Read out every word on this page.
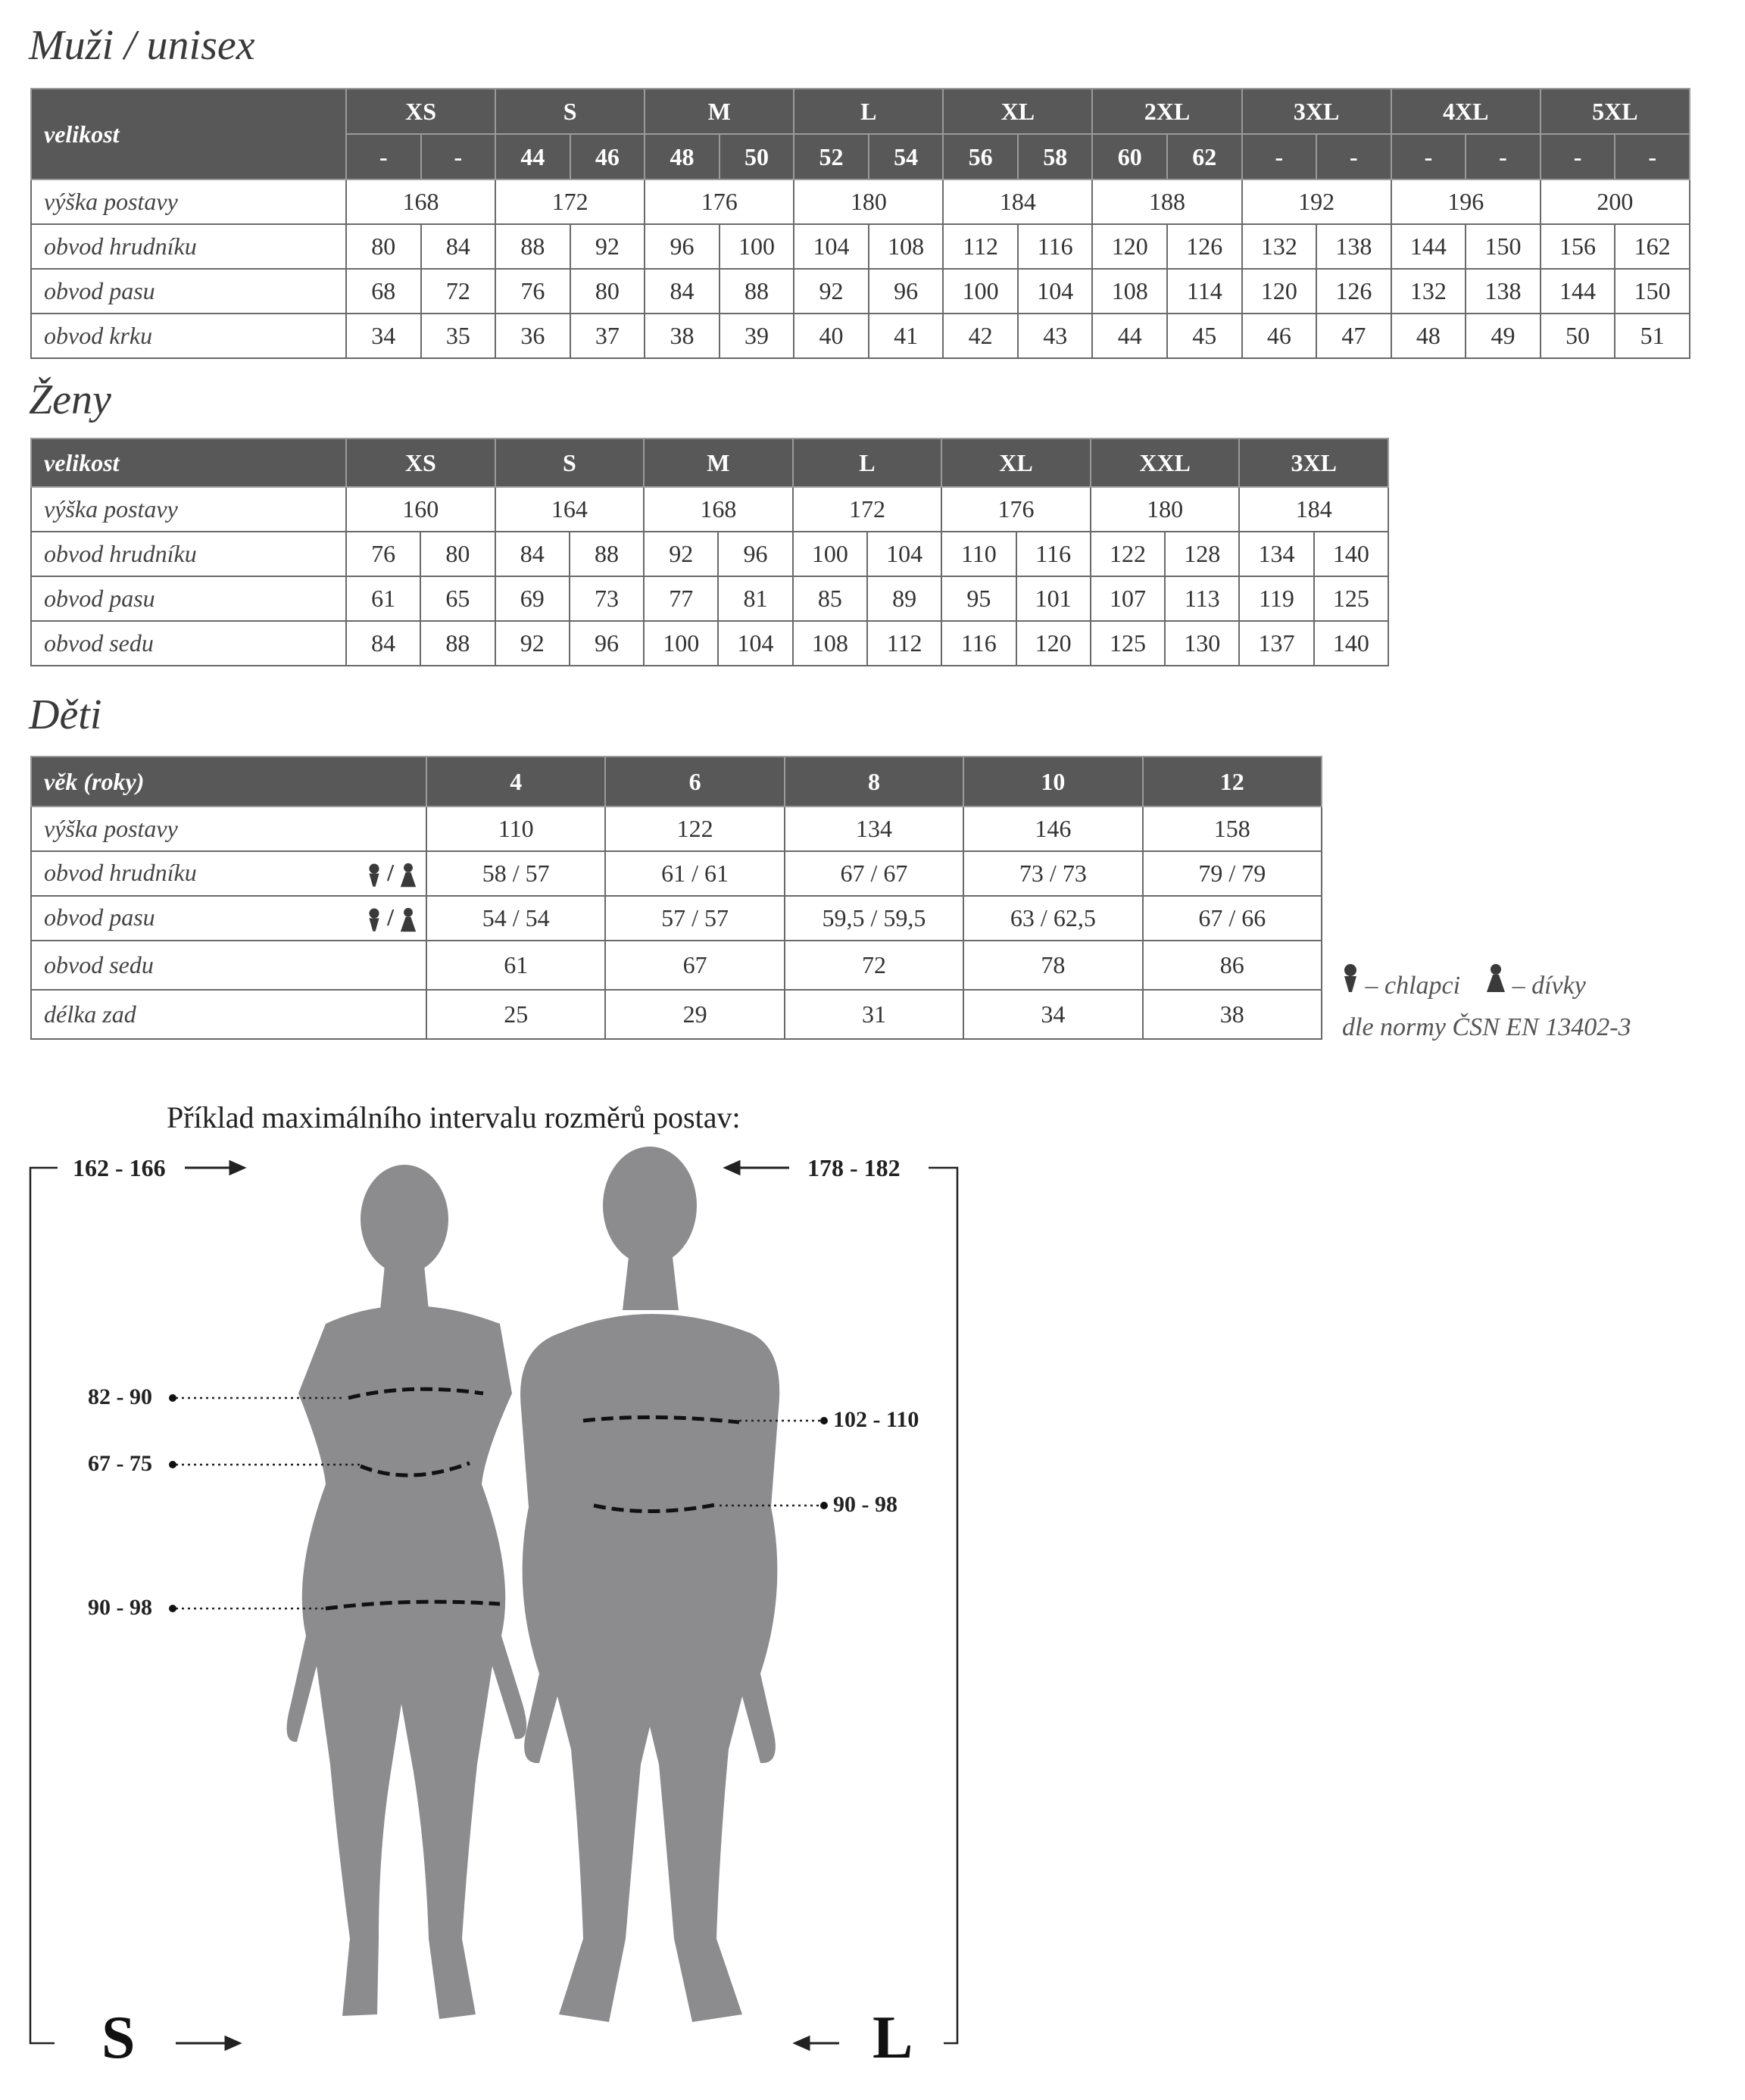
Muži / unisex
velikost	XS		S		M		L		XL		2XL		3XL		4XL		5XL	
	-	-	44	46	48	50	52	54	56	58	60	62	-	-	-	-	-	-
výška postavy	168		172		176		180		184		188		192		196		200	
obvod hrudníku	80	84	88	92	96	100	104	108	112	116	120	126	132	138	144	150	156	162
obvod pasu	68	72	76	80	84	88	92	96	100	104	108	114	120	126	132	138	144	150
obvod krku	34	35	36	37	38	39	40	41	42	43	44	45	46	47	48	49	50	51
Ženy
velikost	XS		S		M		L		XL		XXL		3XL	
výška postavy	160		164		168		172		176		180		184	
obvod hrudníku	76	80	84	88	92	96	100	104	110	116	122	128	134	140
obvod pasu	61	65	69	73	77	81	85	89	95	101	107	113	119	125
obvod sedu	84	88	92	96	100	104	108	112	116	120	125	130	137	140
Děti
věk (roky)	4	6	8	10	12
výška postavy	110	122	134	146	158
obvod hrudníku /	58 / 57	61 / 61	67 / 67	73 / 73	79 / 79
obvod pasu /	54 / 54	57 / 57	59,5 / 59,5	63 / 62,5	67 / 66
obvod sedu	61	67	72	78	86
délka zad	25	29	31	34	38
– chlapci – dívky
dle normy ČSN EN 13402-3
Příklad maximálního intervalu rozměrů postav:
162 - 166	178 - 182
82 - 90
67 - 75
90 - 98
102 - 110
90 - 98
S	L
